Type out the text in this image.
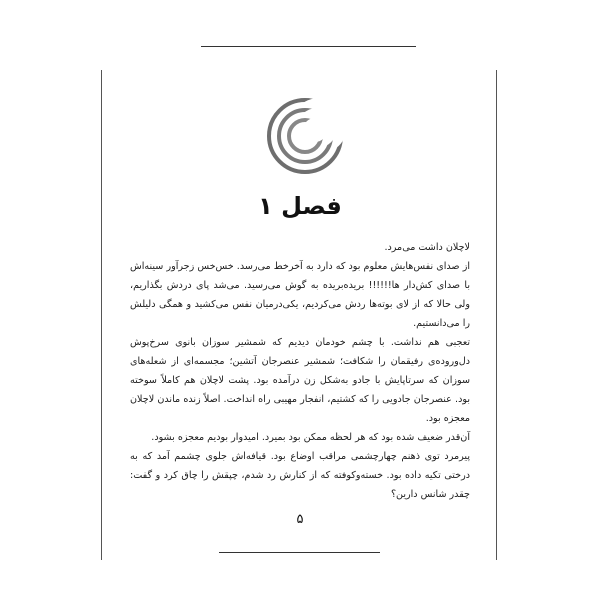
فصل ۱

لاچلان داشت می‌مرد.

از صدای نفس‌هایش معلوم بود که دارد به آخرخط می‌رسد. خس‌خس زجرآور سینه‌اش با صدای کش‌دار ها!!!!!! بریده‌بریده به گوش می‌رسید. می‌شد پای دردش بگذاریم، ولی حالا که از لای بوته‌ها ردش می‌کردیم، یکی‌درمیان نفس می‌کشید و همگی دلیلش را می‌دانستیم.

تعجبی هم نداشت. با چشم خودمان دیدیم که شمشیر سوزان بانوی سرخ‌پوش دل‌وروده‌ی رفیقمان را شکافت؛ شمشیر عنصرجان آتشین؛ مجسمه‌ای از شعله‌های سوزان که سرتاپایش با جادو به‌شکل زن درآمده بود. پشت لاچلان هم کاملاً سوخته بود. عنصرجان جادویی را که کشتیم، انفجار مهیبی راه انداخت. اصلاً زنده ماندن لاچلان معجزه بود.

آن‌قدر ضعیف شده بود که هر لحظه ممکن بود بمیرد. امیدوار بودیم معجزه بشود.

پیرمرد توی ذهنم چهارچشمی مراقب اوضاع بود. قیافه‌اش جلوی چشمم آمد که به درختی تکیه داده بود. خسته‌وکوفته که از کنارش رد شدم، چپقش را چاق کرد و گفت: چقدر شانس دارین؟

۵
